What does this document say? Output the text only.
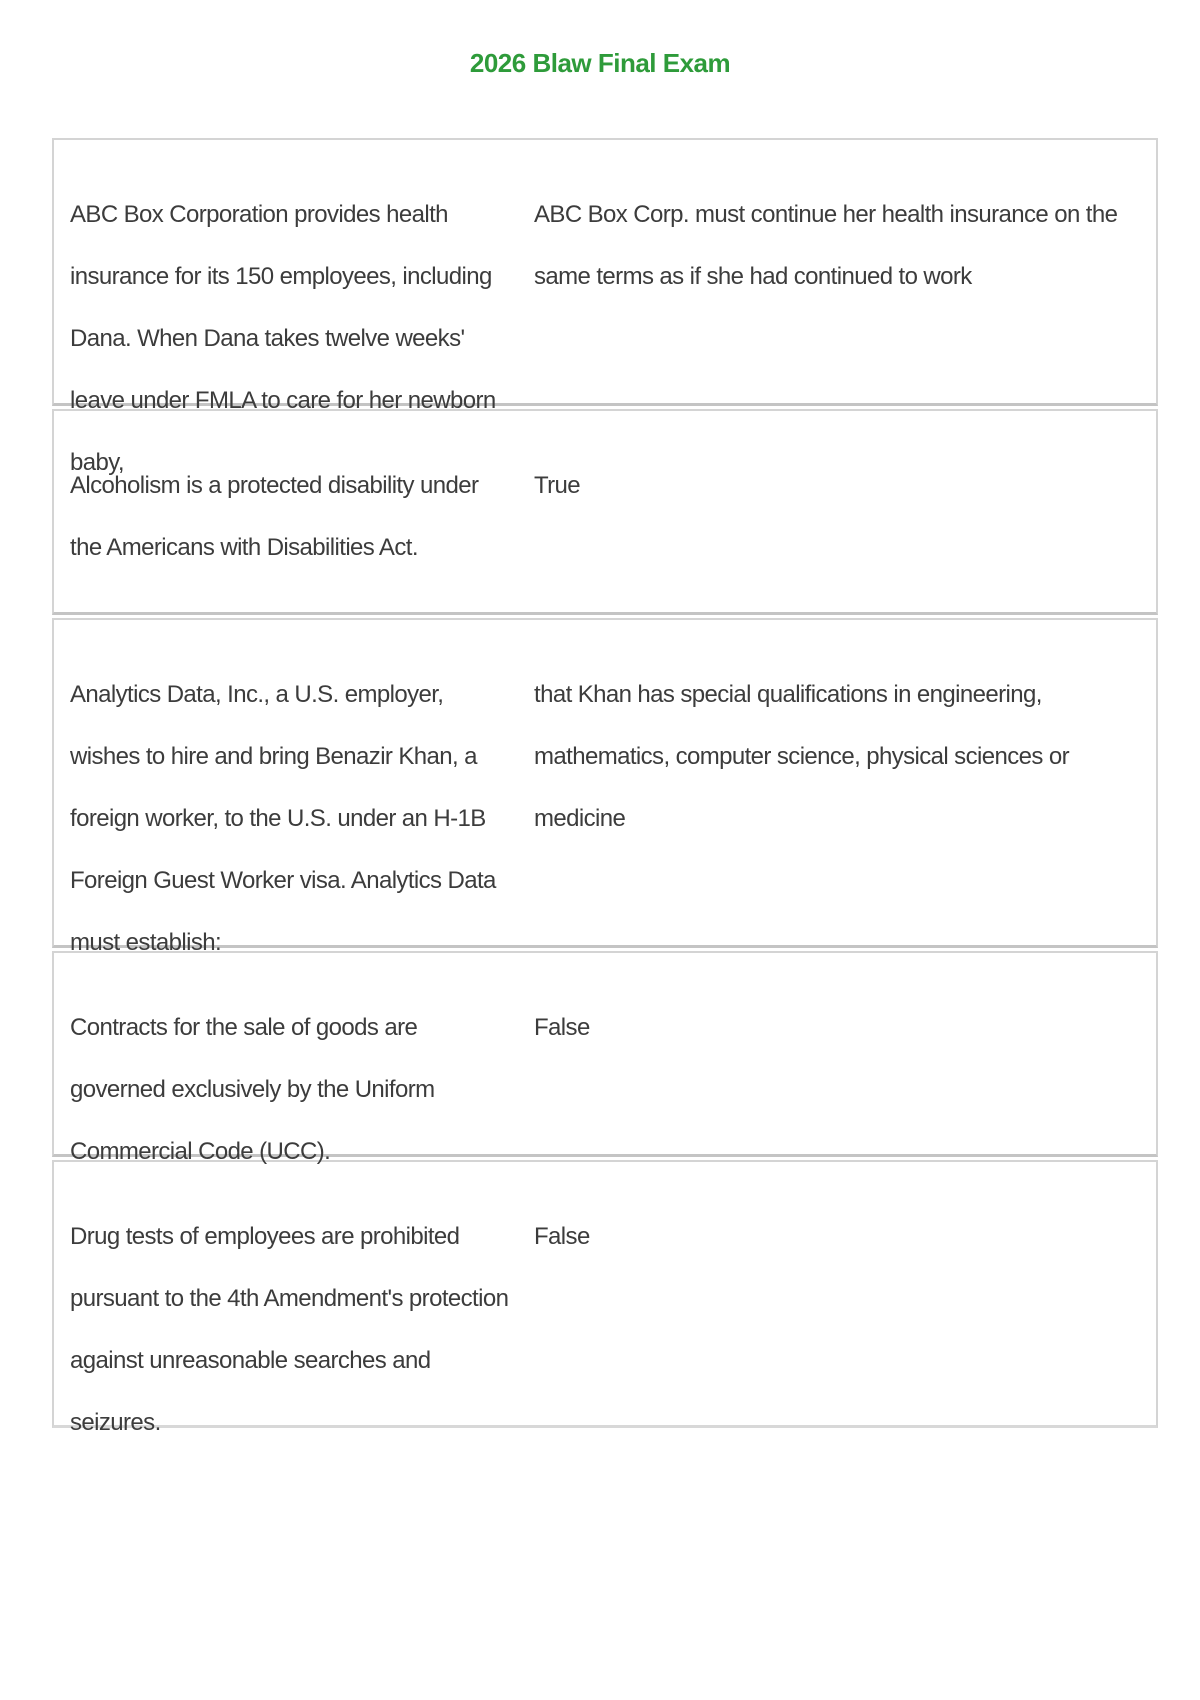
2026 Blaw Final Exam
ABC Box Corporation provides health insurance for its 150 employees, including Dana. When Dana takes twelve weeks' leave under FMLA to care for her newborn baby,
ABC Box Corp. must continue her health insurance on the same terms as if she had continued to work
Alcoholism is a protected disability under the Americans with Disabilities Act.
True
Analytics Data, Inc., a U.S. employer, wishes to hire and bring Benazir Khan, a foreign worker, to the U.S. under an H-1B Foreign Guest Worker visa. Analytics Data must establish:
that Khan has special qualifications in engineering, mathematics, computer science, physical sciences or medicine
Contracts for the sale of goods are governed exclusively by the Uniform Commercial Code (UCC).
False
Drug tests of employees are prohibited pursuant to the 4th Amendment's protection against unreasonable searches and seizures.
False
